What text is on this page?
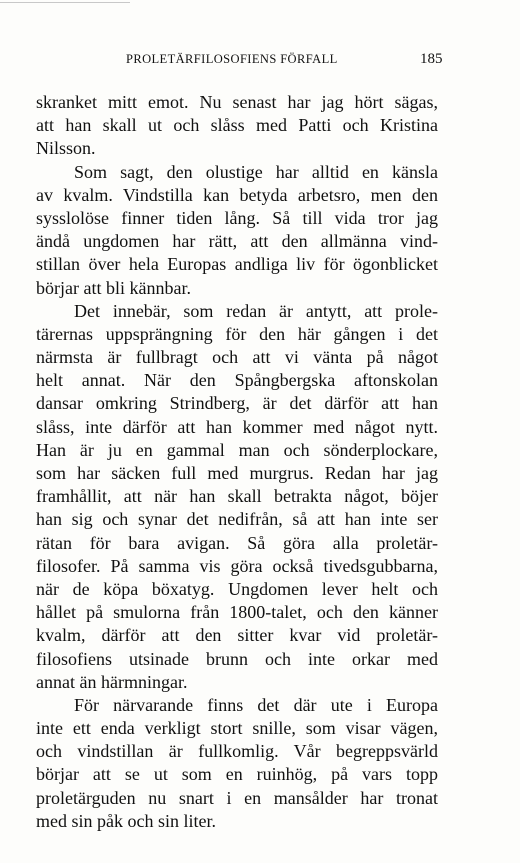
PROLETÄRFILOSOFIENS FÖRFALL	185
skranket mitt emot. Nu senast har jag hört sägas,
att han skall ut och slåss med Patti och Kristina
Nilsson.
Som sagt, den olustige har alltid en känsla
av kvalm. Vindstilla kan betyda arbetsro, men den
sysslolöse finner tiden lång. Så till vida tror jag
ändå ungdomen har rätt, att den allmänna vind-
stillan över hela Europas andliga liv för ögonblicket
börjar att bli kännbar.
Det innebär, som redan är antytt, att prole-
tärernas uppsprängning för den här gången i det
närmsta är fullbragt och att vi vänta på något
helt annat. När den Spångbergska aftonskolan
dansar omkring Strindberg, är det därför att han
slåss, inte därför att han kommer med något nytt.
Han är ju en gammal man och sönderplockare,
som har säcken full med murgrus. Redan har jag
framhållit, att när han skall betrakta något, böjer
han sig och synar det nedifrån, så att han inte ser
rätan för bara avigan. Så göra alla proletär-
filosofer. På samma vis göra också tivedsgubbarna,
när de köpa böxatyg. Ungdomen lever helt och
hållet på smulorna från 1800-talet, och den känner
kvalm, därför att den sitter kvar vid proletär-
filosofiens utsinade brunn och inte orkar med
annat än härmningar.
För närvarande finns det där ute i Europa
inte ett enda verkligt stort snille, som visar vägen,
och vindstillan är fullkomlig. Vår begreppsvärld
börjar att se ut som en ruinhög, på vars topp
proletärguden nu snart i en mansålder har tronat
med sin påk och sin liter.
